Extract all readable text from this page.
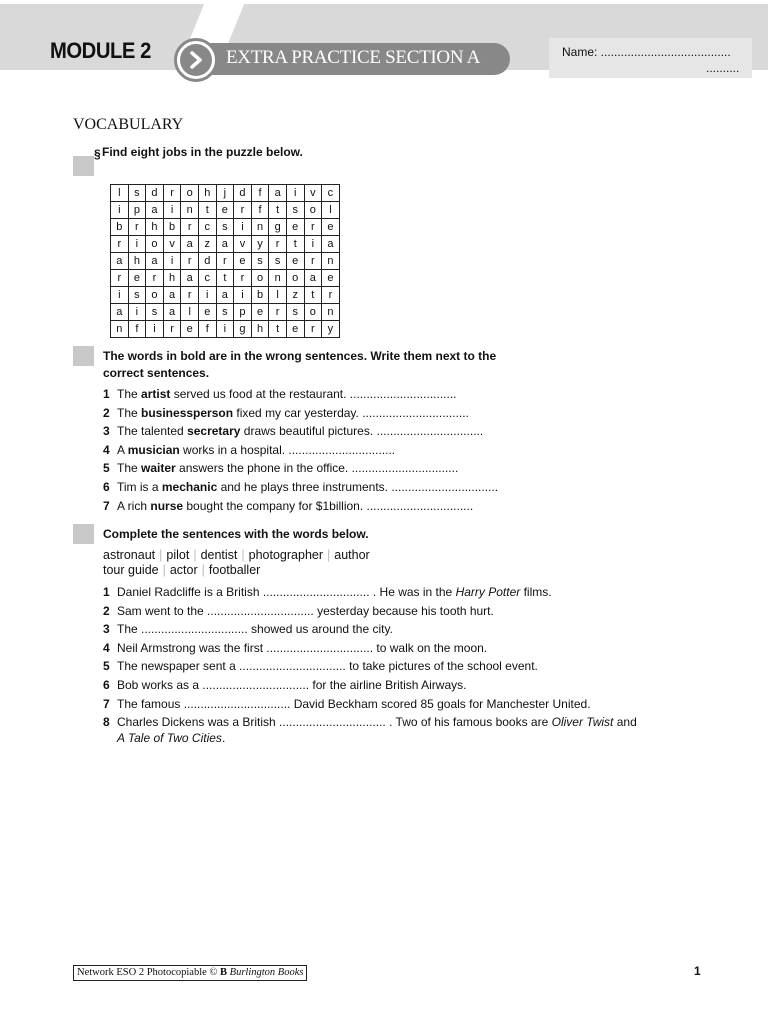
MODULE 2	EXTRA PRACTICE SECTION A	Name: .......................................
..........
VOCABULARY
§ Find eight jobs in the puzzle below.
l	s	d	r	o	h	j	d	f	a	i	v	c
i	p	a	i	n	t	e	r	f	t	s	o	l
b	r	h	b	r	c	s	i	n	g	e	r	e
r	i	o	v	a	z	a	v	y	r	t	i	a
a	h	a	i	r	d	r	e	s	s	e	r	n
r	e	r	h	a	c	t	r	o	n	o	a	e
i	s	o	a	r	i	a	i	b	l	z	t	r
a	i	s	a	l	e	s	p	e	r	s	o	n
n	f	i	r	e	f	i	g	h	t	e	r	y
The words in bold are in the wrong sentences. Write them next to the
correct sentences.
1 The artist served us food at the restaurant. ................................
2 The businessperson fixed my car yesterday. ................................
3 The talented secretary draws beautiful pictures. ................................
4 A musician works in a hospital. ................................
5 The waiter answers the phone in the office. ................................
6 Tim is a mechanic and he plays three instruments. ................................
7 A rich nurse bought the company for $1billion. ................................
Complete the sentences with the words below.
astronaut | pilot | dentist | photographer | author
tour guide | actor | footballer
1 Daniel Radcliffe is a British ................................ . He was in the Harry Potter films.
2 Sam went to the ................................ yesterday because his tooth hurt.
3 The ................................ showed us around the city.
4 Neil Armstrong was the first ................................ to walk on the moon.
5 The newspaper sent a ................................ to take pictures of the school event.
6 Bob works as a ................................ for the airline British Airways.
7 The famous ................................ David Beckham scored 85 goals for Manchester United.
8 Charles Dickens was a British ................................ . Two of his famous books are Oliver Twist and
A Tale of Two Cities.
Network ESO 2 Photocopiable © B Burlington Books	1
